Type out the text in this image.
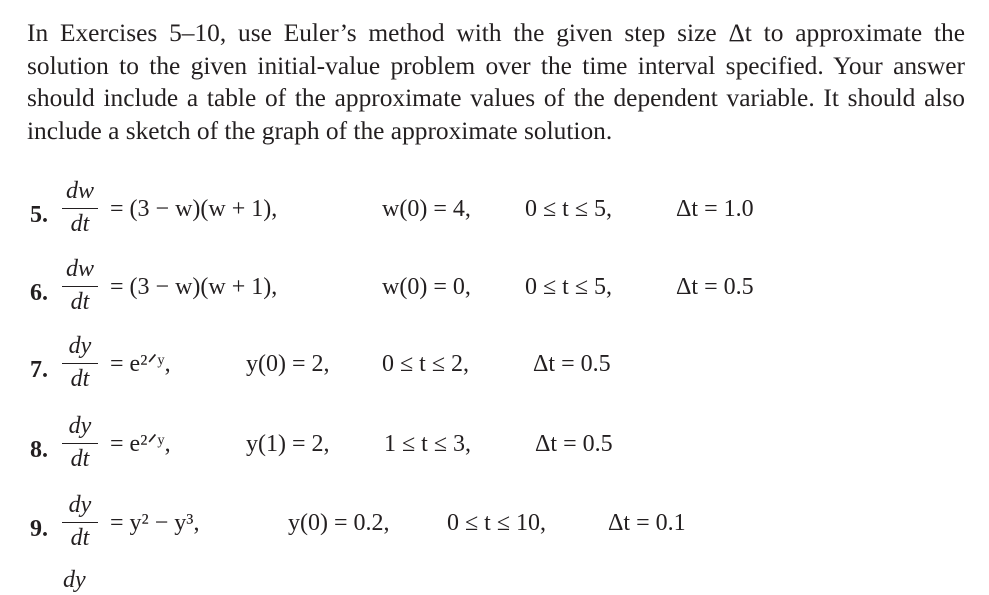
In Exercises 5–10, use Euler’s method with the given step size Δt to approximate the solution to the given initial-value problem over the time interval specified. Your answer should include a table of the approximate values of the dependent variable. It should also include a sketch of the graph of the approximate solution.

5.
dw
dt
= (3 − w)(w + 1),	w(0) = 4, 0 ≤ t ≤ 5,	Δt = 1.0
6.
dw
dt
= (3 − w)(w + 1),	w(0) = 0, 0 ≤ t ≤ 5,	Δt = 0.5
7.
dy
dt
= e²ᐟʸ,	y(0) = 2, 0 ≤ t ≤ 2,	Δt = 0.5
8.
dy
dt
= e²ᐟʸ,	y(1) = 2, 1 ≤ t ≤ 3,	Δt = 0.5
9.
dy
dt
= y² − y³,	y(0) = 0.2, 0 ≤ t ≤ 10,	Δt = 0.1
dy
